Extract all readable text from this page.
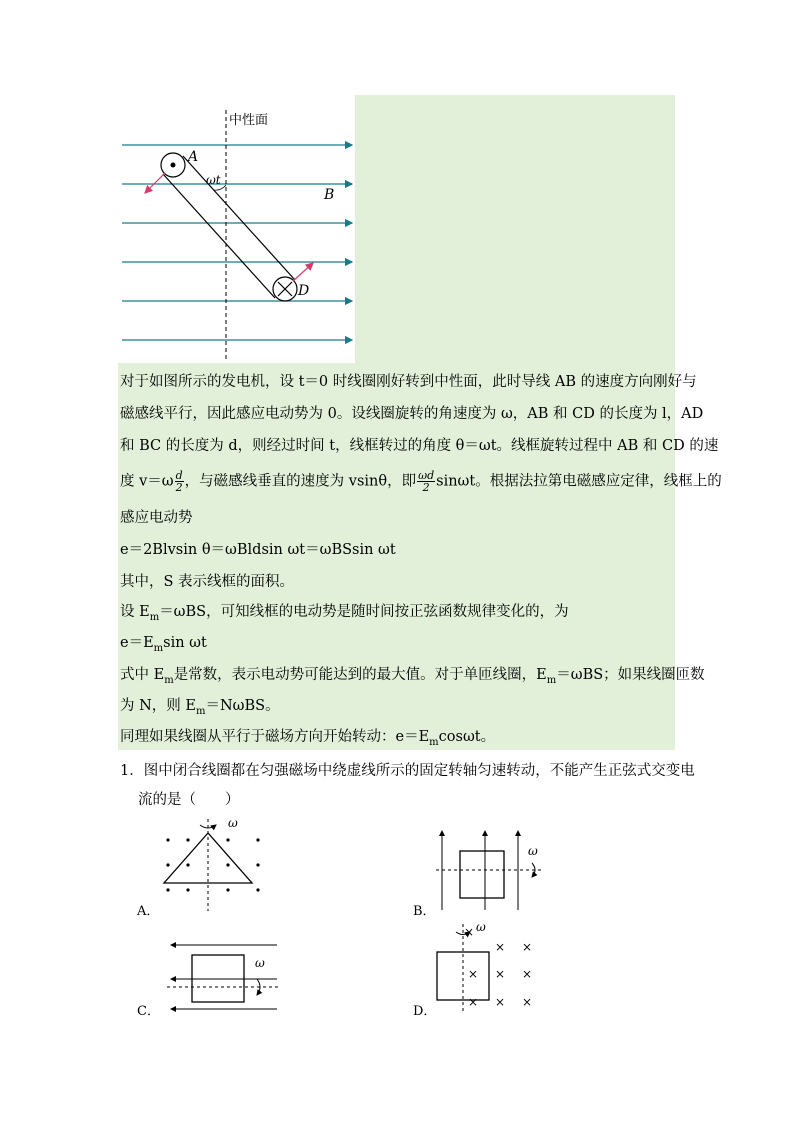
中性面
A
B
D
ωt
对于如图所示的发电机，设 t＝0 时线圈刚好转到中性面，此时导线 AB 的速度方向刚好与
磁感线平行，因此感应电动势为 0。设线圈旋转的角速度为 ω，AB 和 CD 的长度为 l，AD
和 BC 的长度为 d，则经过时间 t，线框转过的角度 θ＝ωt。线框旋转过程中 AB 和 CD 的速
度 $v=\omega \frac{d}{2}$ ，与磁感线垂直的速度为 vsinθ，即 $\frac{\omega d}{2}$ sinωt。根据法拉第电磁感应定律，线框上的
感应电动势
e＝2Blvsin θ＝ωBldsin ωt＝ωBSsin ωt
其中，S 表示线框的面积。
设 $E_m=\omega BS$，可知线框的电动势是随时间按正弦函数规律变化的，为
$e=E_m\sin$ ωt
式中 $E_m$是常数，表示电动势可能达到的最大值。对于单匝线圈，$E_m=\omega BS$；如果线圈匝数
为 N，则 $E_m=N\omega BS$。
同理如果线圈从平行于磁场方向开始转动：$e=E_m\cos\omega t$。
1．图中闭合线圈都在匀强磁场中绕虚线所示的固定转轴匀速转动，不能产生正弦式交变电
流的是（　　）
ω
A．
ω
B．
ω
C．
× ×
× × ×
× × ×
× ω
D．
